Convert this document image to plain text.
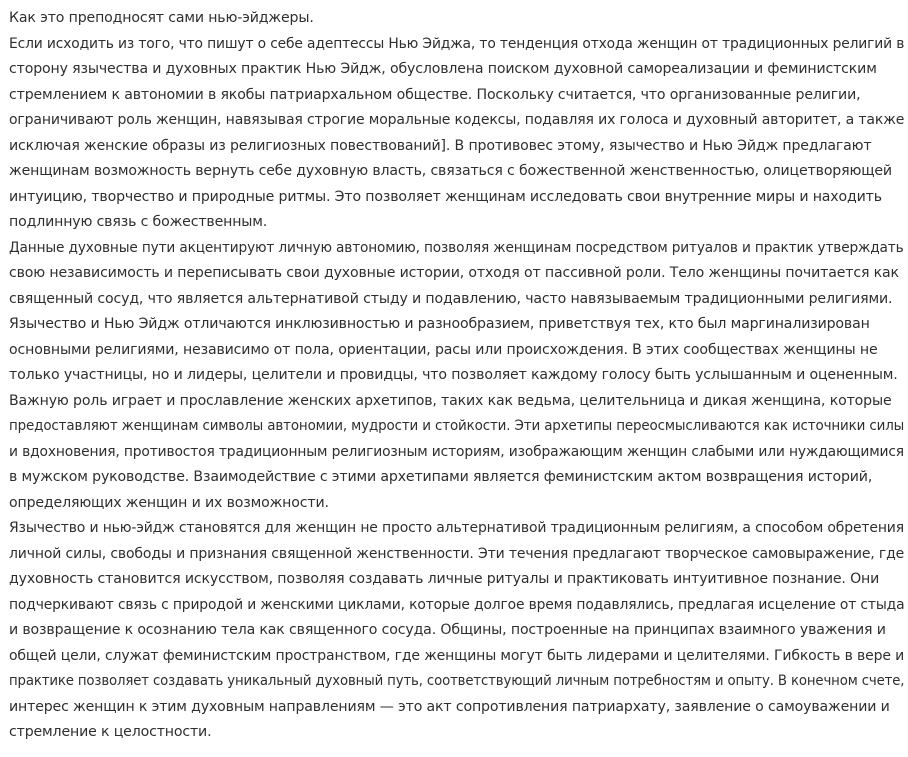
Как это преподносят сами нью-эйджеры.
Если исходить из того, что пишут о себе адептессы Нью Эйджа, то тенденция отхода женщин от традиционных религий в
сторону язычества и духовных практик Нью Эйдж, обусловлена поиском духовной самореализации и феминистским
стремлением к автономии в якобы патриархальном обществе. Поскольку считается, что организованные религии,
ограничивают роль женщин, навязывая строгие моральные кодексы, подавляя их голоса и духовный авторитет, а также
исключая женские образы из религиозных повествований]. В противовес этому, язычество и Нью Эйдж предлагают
женщинам возможность вернуть себе духовную власть, связаться с божественной женственностью, олицетворяющей
интуицию, творчество и природные ритмы. Это позволяет женщинам исследовать свои внутренние миры и находить
подлинную связь с божественным.
Данные духовные пути акцентируют личную автономию, позволяя женщинам посредством ритуалов и практик утверждать
свою независимость и переписывать свои духовные истории, отходя от пассивной роли. Тело женщины почитается как
священный сосуд, что является альтернативой стыду и подавлению, часто навязываемым традиционными религиями.
Язычество и Нью Эйдж отличаются инклюзивностью и разнообразием, приветствуя тех, кто был маргинализирован
основными религиями, независимо от пола, ориентации, расы или происхождения. В этих сообществах женщины не
только участницы, но и лидеры, целители и провидцы, что позволяет каждому голосу быть услышанным и оцененным.
Важную роль играет и прославление женских архетипов, таких как ведьма, целительница и дикая женщина, которые
предоставляют женщинам символы автономии, мудрости и стойкости. Эти архетипы переосмысливаются как источники силы
и вдохновения, противостоя традиционным религиозным историям, изображающим женщин слабыми или нуждающимися
в мужском руководстве. Взаимодействие с этими архетипами является феминистским актом возвращения историй,
определяющих женщин и их возможности.
Язычество и нью-эйдж становятся для женщин не просто альтернативой традиционным религиям, а способом обретения
личной силы, свободы и признания священной женственности. Эти течения предлагают творческое самовыражение, где
духовность становится искусством, позволяя создавать личные ритуалы и практиковать интуитивное познание. Они
подчеркивают связь с природой и женскими циклами, которые долгое время подавлялись, предлагая исцеление от стыда
и возвращение к осознанию тела как священного сосуда. Общины, построенные на принципах взаимного уважения и
общей цели, служат феминистским пространством, где женщины могут быть лидерами и целителями. Гибкость в вере и
практике позволяет создавать уникальный духовный путь, соответствующий личным потребностям и опыту. В конечном счете,
интерес женщин к этим духовным направлениям — это акт сопротивления патриархату, заявление о самоуважении и
стремление к целостности.
